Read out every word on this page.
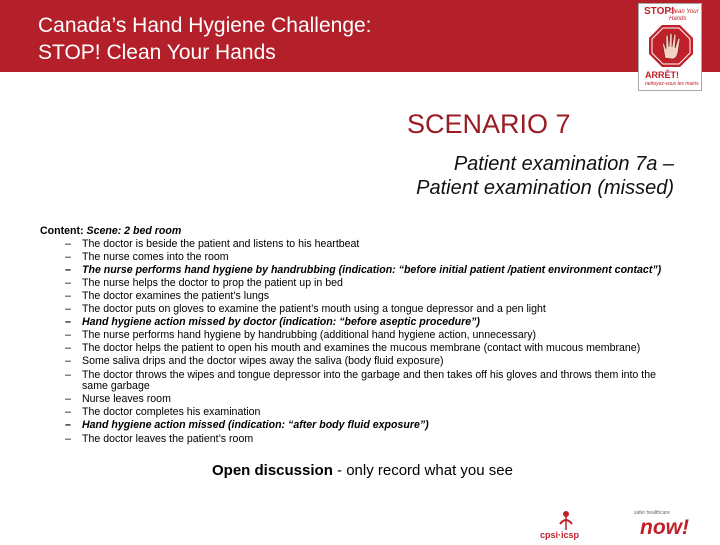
Canada’s Hand Hygiene Challenge:
STOP! Clean Your Hands
STOP!
Clean Your Hands
ARRÊT!
nettoyez-vous les mains
SCENARIO 7
Patient examination 7a –
Patient examination (missed)
Content: Scene: 2 bed room
– The doctor is beside the patient and listens to his heartbeat
– The nurse comes into the room
– The nurse performs hand hygiene by handrubbing (indication: “before initial patient /patient environment contact”)
– The nurse helps the doctor to prop the patient up in bed
– The doctor examines the patient’s lungs
– The doctor puts on gloves to examine the patient’s mouth using a tongue depressor and a pen light
– Hand hygiene action missed by doctor (indication: “before aseptic procedure”)
– The nurse performs hand hygiene by handrubbing (additional hand hygiene action, unnecessary)
– The doctor helps the patient to open his mouth and examines the mucous membrane (contact with mucous membrane)
– Some saliva drips and the doctor wipes away the saliva (body fluid exposure)
– The doctor throws the wipes and tongue depressor into the garbage and then takes off his gloves and throws them into the same garbage
– Nurse leaves room
– The doctor completes his examination
– Hand hygiene action missed (indication: “after body fluid exposure”)
– The doctor leaves the patient’s room
Open discussion - only record what you see
cpsi·icsp
safer healthcare
now!
